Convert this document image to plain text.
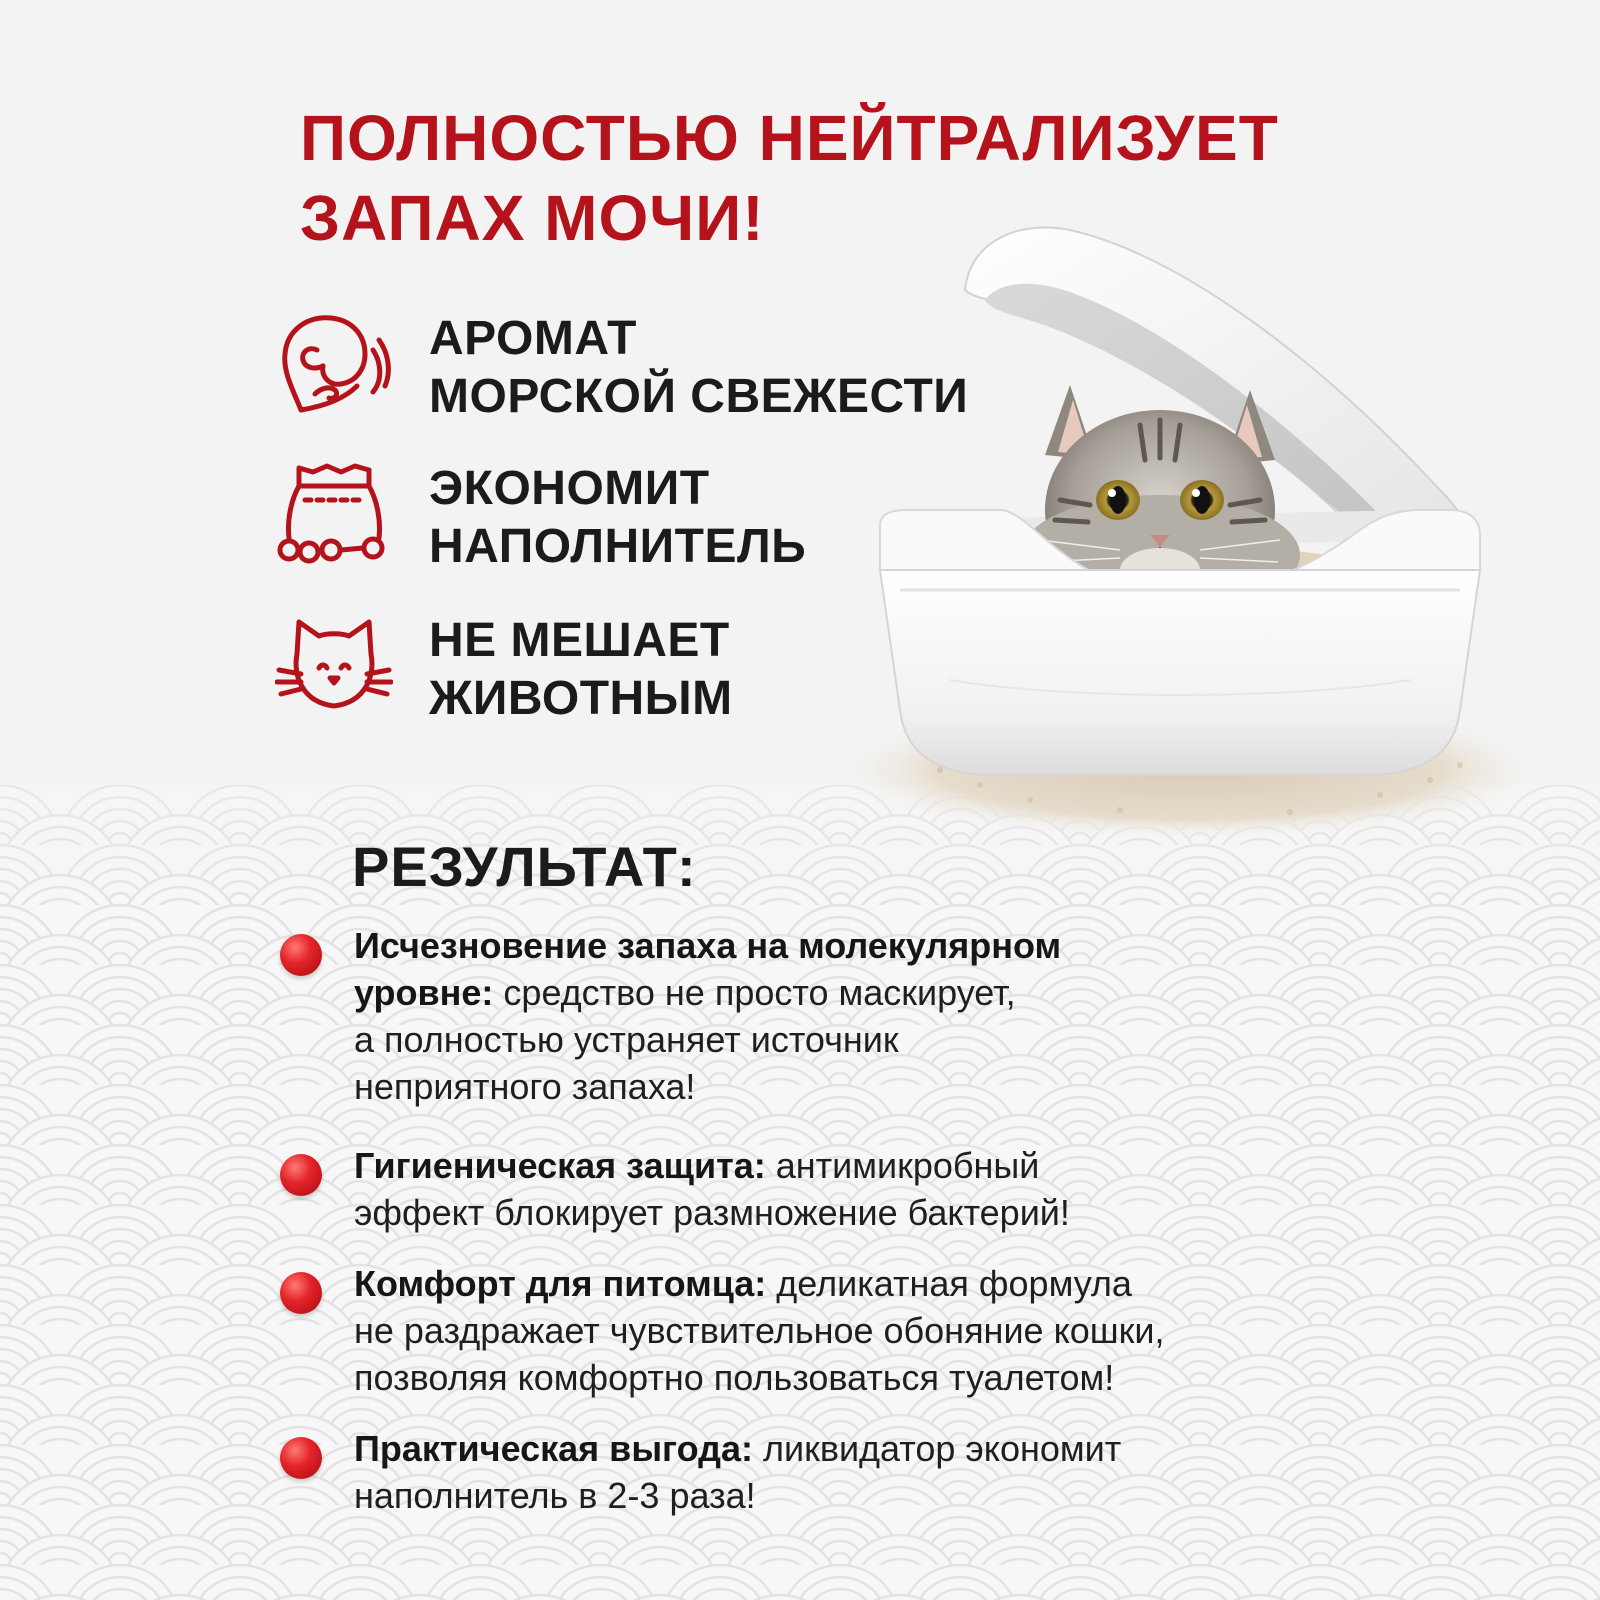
ПОЛНОСТЬЮ НЕЙТРАЛИЗУЕТ
ЗАПАХ МОЧИ!
АРОМАТ
МОРСКОЙ СВЕЖЕСТИ
ЭКОНОМИТ
НАПОЛНИТЕЛЬ
НЕ МЕШАЕТ
ЖИВОТНЫМ
РЕЗУЛЬТАТ:
Исчезновение запаха на молекулярном
уровне: средство не просто маскирует,
а полностью устраняет источник
неприятного запаха!
Гигиеническая защита: антимикробный
эффект блокирует размножение бактерий!
Комфорт для питомца: деликатная формула
не раздражает чувствительное обоняние кошки,
позволяя комфортно пользоваться туалетом!
Практическая выгода: ликвидатор экономит
наполнитель в 2-3 раза!
